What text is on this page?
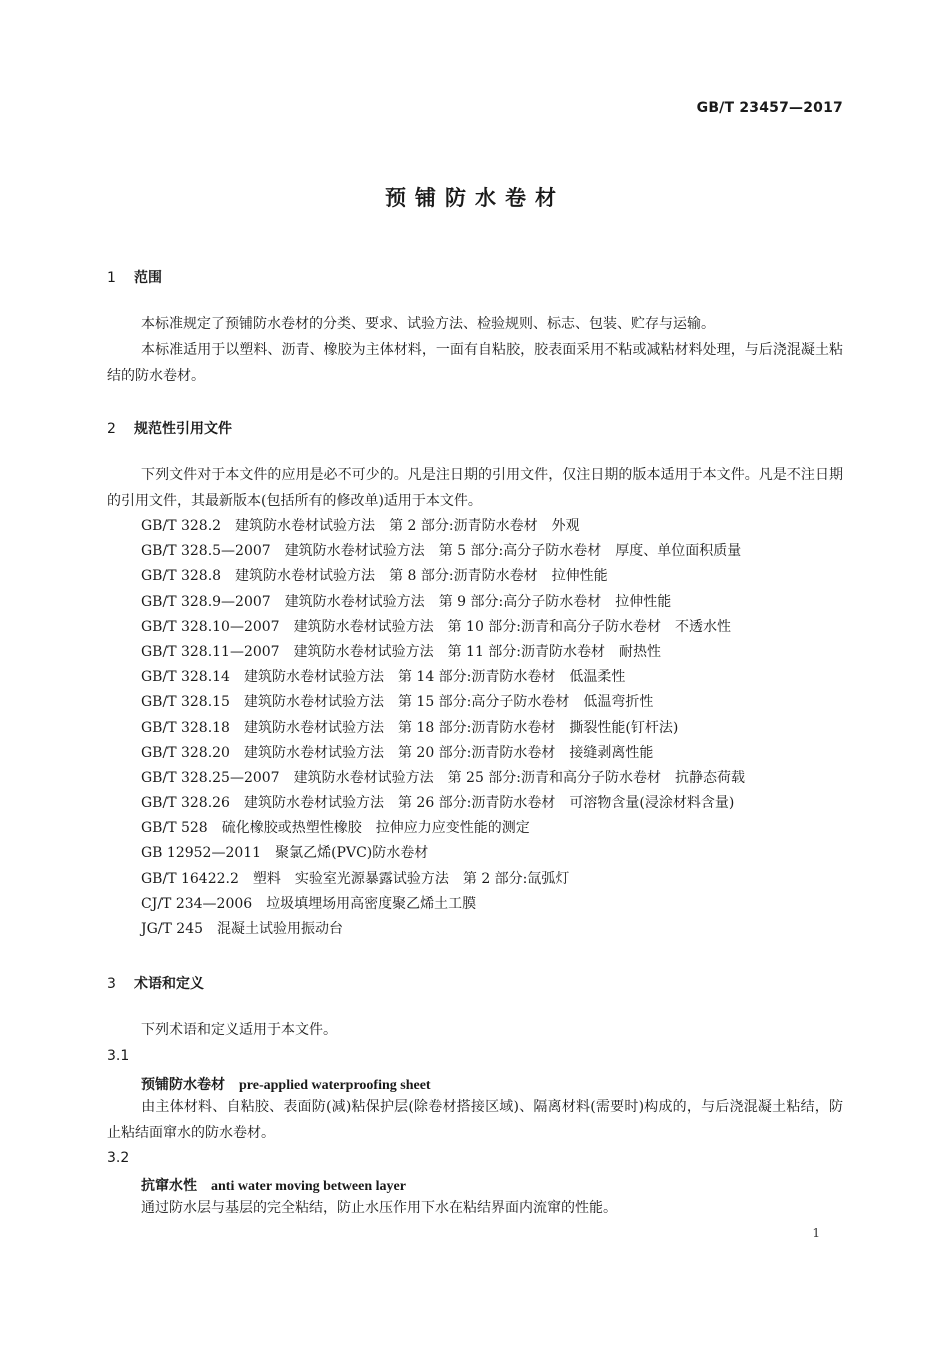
GB/T 23457—2017
预铺防水卷材
1 范围
本标准规定了预铺防水卷材的分类、要求、试验方法、检验规则、标志、包装、贮存与运输。
本标准适用于以塑料、沥青、橡胶为主体材料，一面有自粘胶，胶表面采用不粘或减粘材料处理，与后浇混凝土粘结的防水卷材。
2 规范性引用文件
下列文件对于本文件的应用是必不可少的。凡是注日期的引用文件，仅注日期的版本适用于本文件。凡是不注日期的引用文件，其最新版本(包括所有的修改单)适用于本文件。
GB/T 328.2 建筑防水卷材试验方法 第 2 部分:沥青防水卷材 外观
GB/T 328.5—2007 建筑防水卷材试验方法 第 5 部分:高分子防水卷材 厚度、单位面积质量
GB/T 328.8 建筑防水卷材试验方法 第 8 部分:沥青防水卷材 拉伸性能
GB/T 328.9—2007 建筑防水卷材试验方法 第 9 部分:高分子防水卷材 拉伸性能
GB/T 328.10—2007 建筑防水卷材试验方法 第 10 部分:沥青和高分子防水卷材 不透水性
GB/T 328.11—2007 建筑防水卷材试验方法 第 11 部分:沥青防水卷材 耐热性
GB/T 328.14 建筑防水卷材试验方法 第 14 部分:沥青防水卷材 低温柔性
GB/T 328.15 建筑防水卷材试验方法 第 15 部分:高分子防水卷材 低温弯折性
GB/T 328.18 建筑防水卷材试验方法 第 18 部分:沥青防水卷材 撕裂性能(钉杆法)
GB/T 328.20 建筑防水卷材试验方法 第 20 部分:沥青防水卷材 接缝剥离性能
GB/T 328.25—2007 建筑防水卷材试验方法 第 25 部分:沥青和高分子防水卷材 抗静态荷载
GB/T 328.26 建筑防水卷材试验方法 第 26 部分:沥青防水卷材 可溶物含量(浸涂材料含量)
GB/T 528 硫化橡胶或热塑性橡胶 拉伸应力应变性能的测定
GB 12952—2011 聚氯乙烯(PVC)防水卷材
GB/T 16422.2 塑料 实验室光源暴露试验方法 第 2 部分:氙弧灯
CJ/T 234—2006 垃圾填埋场用高密度聚乙烯土工膜
JG/T 245 混凝土试验用振动台
3 术语和定义
下列术语和定义适用于本文件。
3.1
预铺防水卷材 pre-applied waterproofing sheet
由主体材料、自粘胶、表面防(减)粘保护层(除卷材搭接区域)、隔离材料(需要时)构成的，与后浇混凝土粘结，防止粘结面窜水的防水卷材。
3.2
抗窜水性 anti water moving between layer
通过防水层与基层的完全粘结，防止水压作用下水在粘结界面内流窜的性能。
1
